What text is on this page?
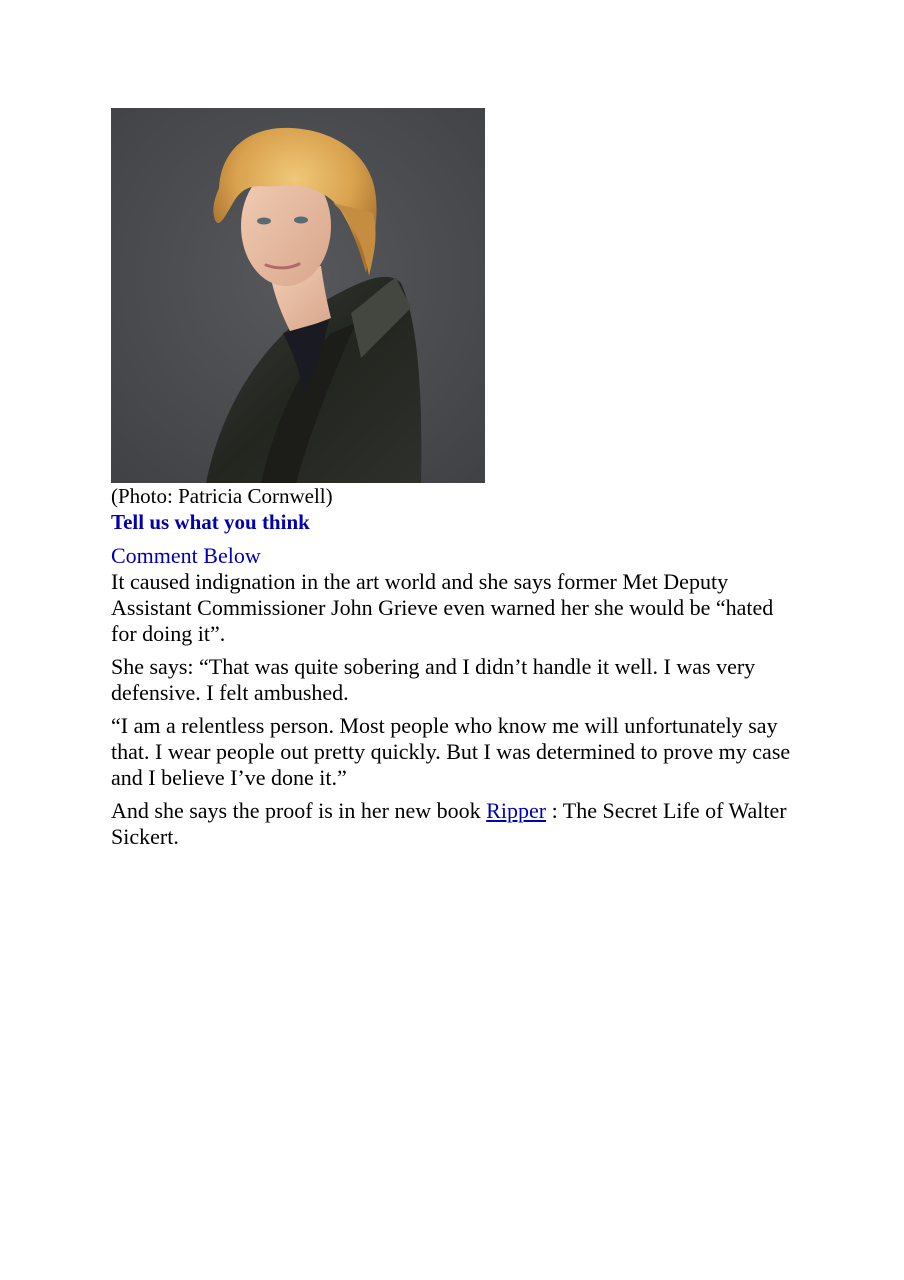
(Photo: Patricia Cornwell)
Tell us what you think
Comment Below

It caused indignation in the art world and she says former Met Deputy Assistant Commissioner John Grieve even warned her she would be “hated for doing it”.

She says: “That was quite sobering and I didn’t handle it well. I was very defensive. I felt ambushed.

“I am a relentless person. Most people who know me will unfortunately say that. I wear people out pretty quickly. But I was determined to prove my case and I believe I’ve done it.”

And she says the proof is in her new book Ripper : The Secret Life of Walter Sickert.
